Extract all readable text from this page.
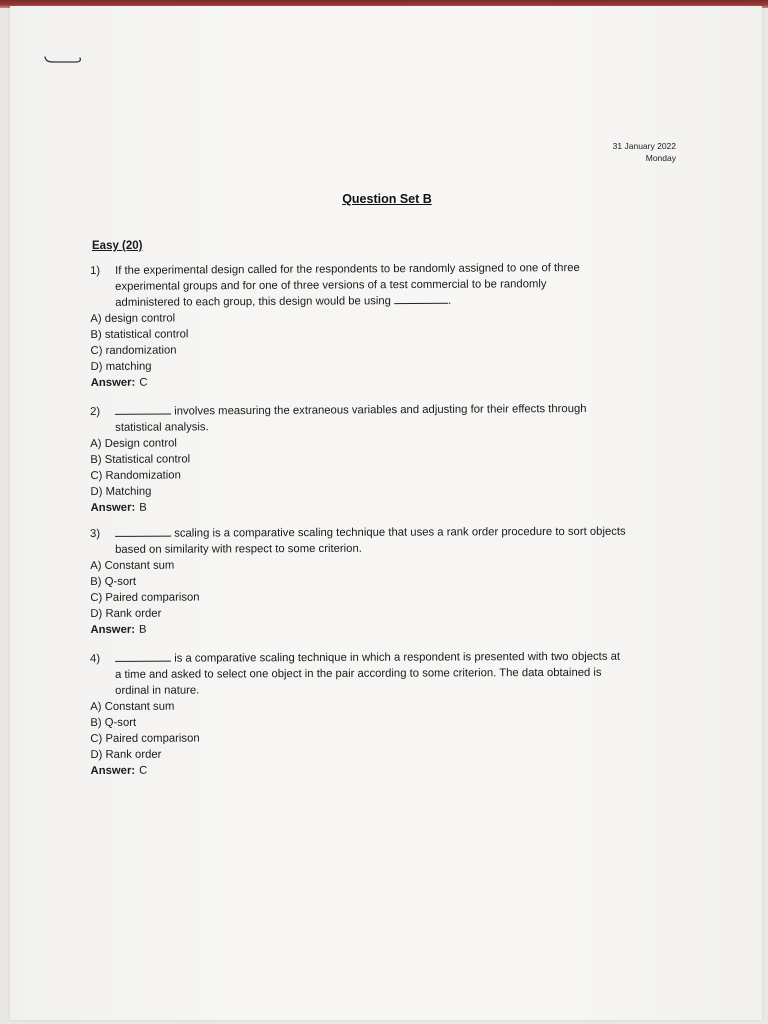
31 January 2022
Monday
Question Set B
Easy (20)
1) If the experimental design called for the respondents to be randomly assigned to one of three
experimental groups and for one of three versions of a test commercial to be randomly
administered to each group, this design would be using	.
A) design control
B) statistical control
C) randomization
D) matching
Answer: C
2)	involves measuring the extraneous variables and adjusting for their effects through
statistical analysis.
A) Design control
B) Statistical control
C) Randomization
D) Matching
Answer: B
3)	scaling is a comparative scaling technique that uses a rank order procedure to sort objects
based on similarity with respect to some criterion.
A) Constant sum
B) Q-sort
C) Paired comparison
D) Rank order
Answer: B
4)	is a comparative scaling technique in which a respondent is presented with two objects at
a time and asked to select one object in the pair according to some criterion. The data obtained is
ordinal in nature.
A) Constant sum
B) Q-sort
C) Paired comparison
D) Rank order
Answer: C
